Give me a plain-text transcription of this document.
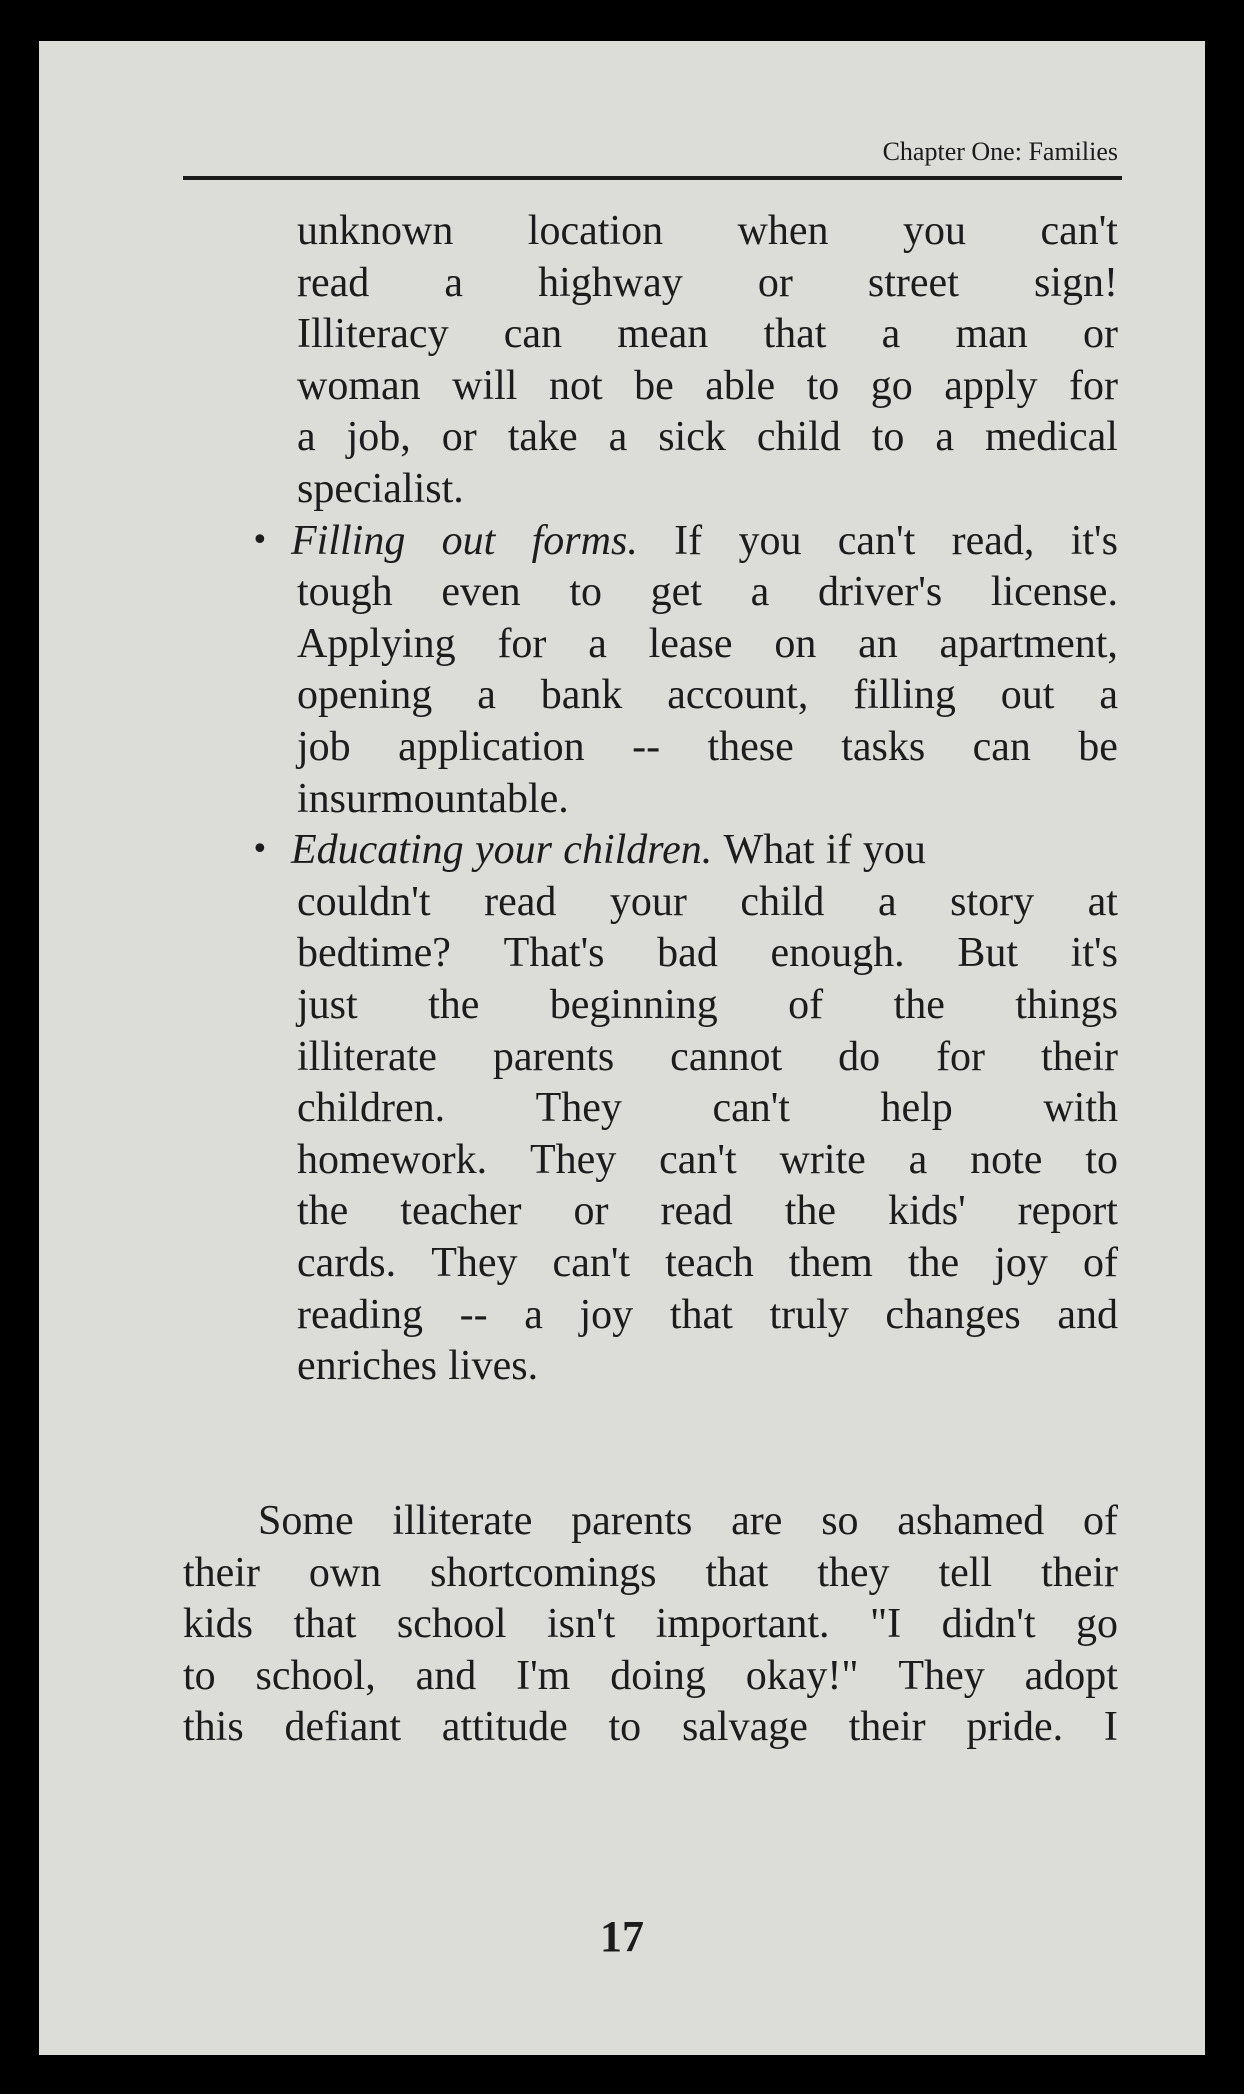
Chapter One: Families
unknown location when you can't
read a highway or street sign!
Illiteracy can mean that a man or
woman will not be able to go apply for
a job, or take a sick child to a medical
specialist.
Filling out forms. If you can't read, it's
•
tough even to get a driver's license.
Applying for a lease on an apartment,
opening a bank account, filling out a
job application -- these tasks can be
insurmountable.
Educating your children. What if you
•
couldn't read your child a story at
bedtime? That's bad enough. But it's
just the beginning of the things
illiterate parents cannot do for their
children. They can't help with
homework. They can't write a note to
the teacher or read the kids' report
cards. They can't teach them the joy of
reading -- a joy that truly changes and
enriches lives.
Some illiterate parents are so ashamed of
their own shortcomings that they tell their
kids that school isn't important. "I didn't go
to school, and I'm doing okay!" They adopt
this defiant attitude to salvage their pride. I
17
